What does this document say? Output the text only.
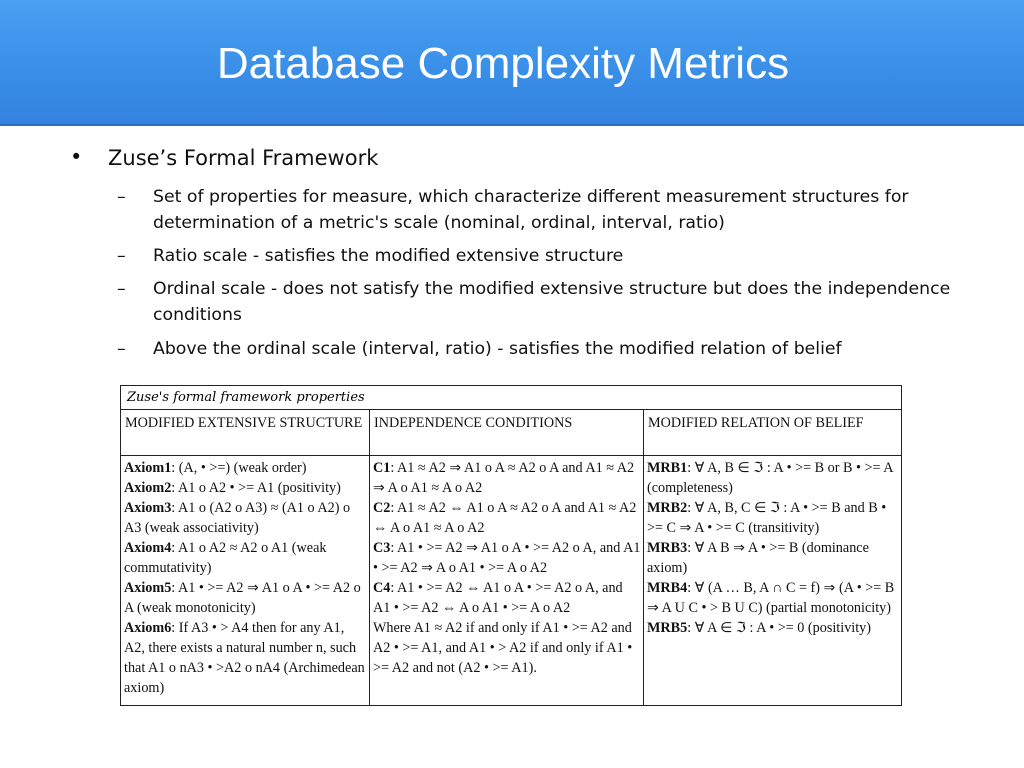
Database Complexity Metrics
• Zuse’s Formal Framework
– Set of properties for measure, which characterize different measurement structures for determination of a metric's scale (nominal, ordinal, interval, ratio)
– Ratio scale - satisfies the modified extensive structure
– Ordinal scale - does not satisfy the modified extensive structure but does the independence conditions
– Above the ordinal scale (interval, ratio) - satisfies the modified relation of belief
Zuse's formal framework properties
MODIFIED EXTENSIVE STRUCTURE
Axiom1: (A, • >=) (weak order)
Axiom2: A1 o A2 • >= A1 (positivity)
Axiom3: A1 o (A2 o A3) ≈ (A1 o A2) o A3 (weak associativity)
Axiom4: A1 o A2 ≈ A2 o A1 (weak commutativity)
Axiom5: A1 • >= A2 ⇒ A1 o A • >= A2 o A (weak monotonicity)
Axiom6: If A3 • > A4 then for any A1, A2, there exists a natural number n, such that A1 o nA3 • >A2 o nA4 (Archimedean axiom)
INDEPENDENCE CONDITIONS
C1: A1 ≈ A2 ⇒ A1 o A ≈ A2 o A and A1 ≈ A2 ⇒ A o A1 ≈ A o A2
C2: A1 ≈ A2 ⇔ A1 o A ≈ A2 o A and A1 ≈ A2 ⇔ A o A1 ≈ A o A2
C3: A1 • >= A2 ⇒ A1 o A • >= A2 o A, and A1 • >= A2 ⇒ A o A1 • >= A o A2
C4: A1 • >= A2 ⇔ A1 o A • >= A2 o A, and A1 • >= A2 ⇔ A o A1 • >= A o A2
Where A1 ≈ A2 if and only if A1 • >= A2 and A2 • >= A1, and A1 • > A2 if and only if A1 • >= A2 and not (A2 • >= A1).
MODIFIED RELATION OF BELIEF
MRB1: ∀ A, B ∈ ℑ : A • >= B or B • >= A (completeness)
MRB2: ∀ A, B, C ∈ ℑ : A • >= B and B • >= C ⇒ A • >= C (transitivity)
MRB3: ∀ A B ⇒ A • >= B (dominance axiom)
MRB4: ∀ (A … B, A ∩ C = f) ⇒ (A • >= B ⇒ A U C • > B U C) (partial monotonicity)
MRB5: ∀ A ∈ ℑ : A • >= 0 (positivity)
